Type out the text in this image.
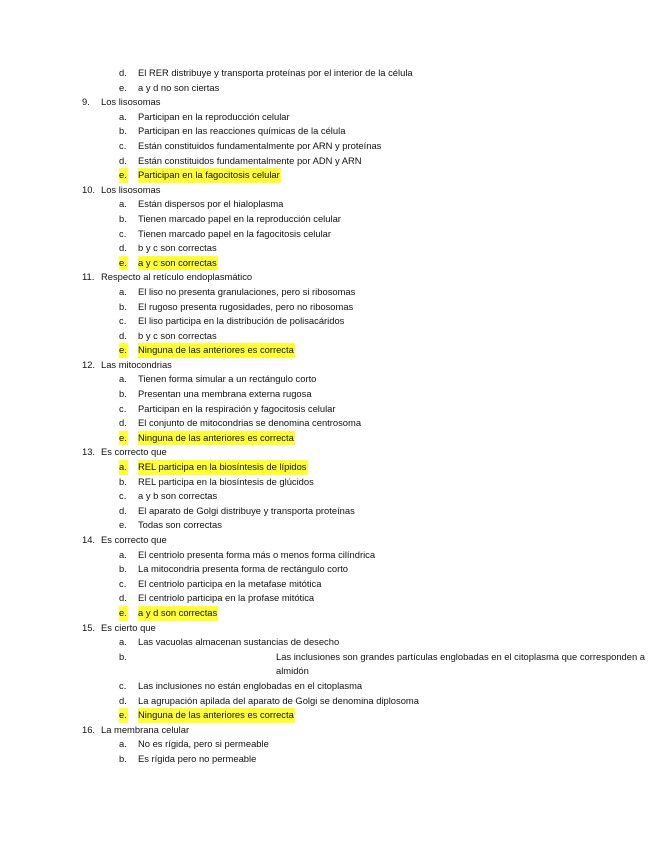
d. El RER distribuye y transporta proteínas por el interior de la célula
e. a y d no son ciertas
9. Los lisosomas
a. Participan en la reproducción celular
b. Participan en las reacciones químicas de la célula
c. Están constituidos fundamentalmente por ARN y proteínas
d. Están constituidos fundamentalmente por ADN y ARN
e. Participan en la fagocitosis celular
10. Los lisosomas
a. Están dispersos por el hialoplasma
b. Tienen marcado papel en la reproducción celular
c. Tienen marcado papel en la fagocitosis celular
d. b y c son correctas
e. a y c son correctas
11. Respecto al retículo endoplasmático
a. El liso no presenta granulaciones, pero si ribosomas
b. El rugoso presenta rugosidades, pero no ribosomas
c. El liso participa en la distribución de polisacáridos
d. b y c son correctas
e. Ninguna de las anteriores es correcta
12. Las mitocondrias
a. Tienen forma simular a un rectángulo corto
b. Presentan una membrana externa rugosa
c. Participan en la respiración y fagocitosis celular
d. El conjunto de mitocondrias se denomina centrosoma
e. Ninguna de las anteriores es correcta
13. Es correcto que
a. REL participa en la biosíntesis de lípidos
b. REL participa en la biosíntesis de glúcidos
c. a y b son correctas
d. El aparato de Golgi distribuye y transporta proteínas
e. Todas son correctas
14. Es correcto que
a. El centriolo presenta forma más o menos forma cilíndrica
b. La mitocondria presenta forma de rectángulo corto
c. El centriolo participa en la metafase mitótica
d. El centriolo participa en la profase mitótica
e. a y d son correctas
15. Es cierto que
a. Las vacuolas almacenan sustancias de desecho
b.	Las inclusiones son grandes partículas englobadas en el citoplasma que corresponden a almidón
c. Las inclusiones no están englobadas en el citoplasma
d. La agrupación apilada del aparato de Golgi se denomina diplosoma
e. Ninguna de las anteriores es correcta
16. La membrana celular
a. No es rígida, pero si permeable
b. Es rígida pero no permeable
